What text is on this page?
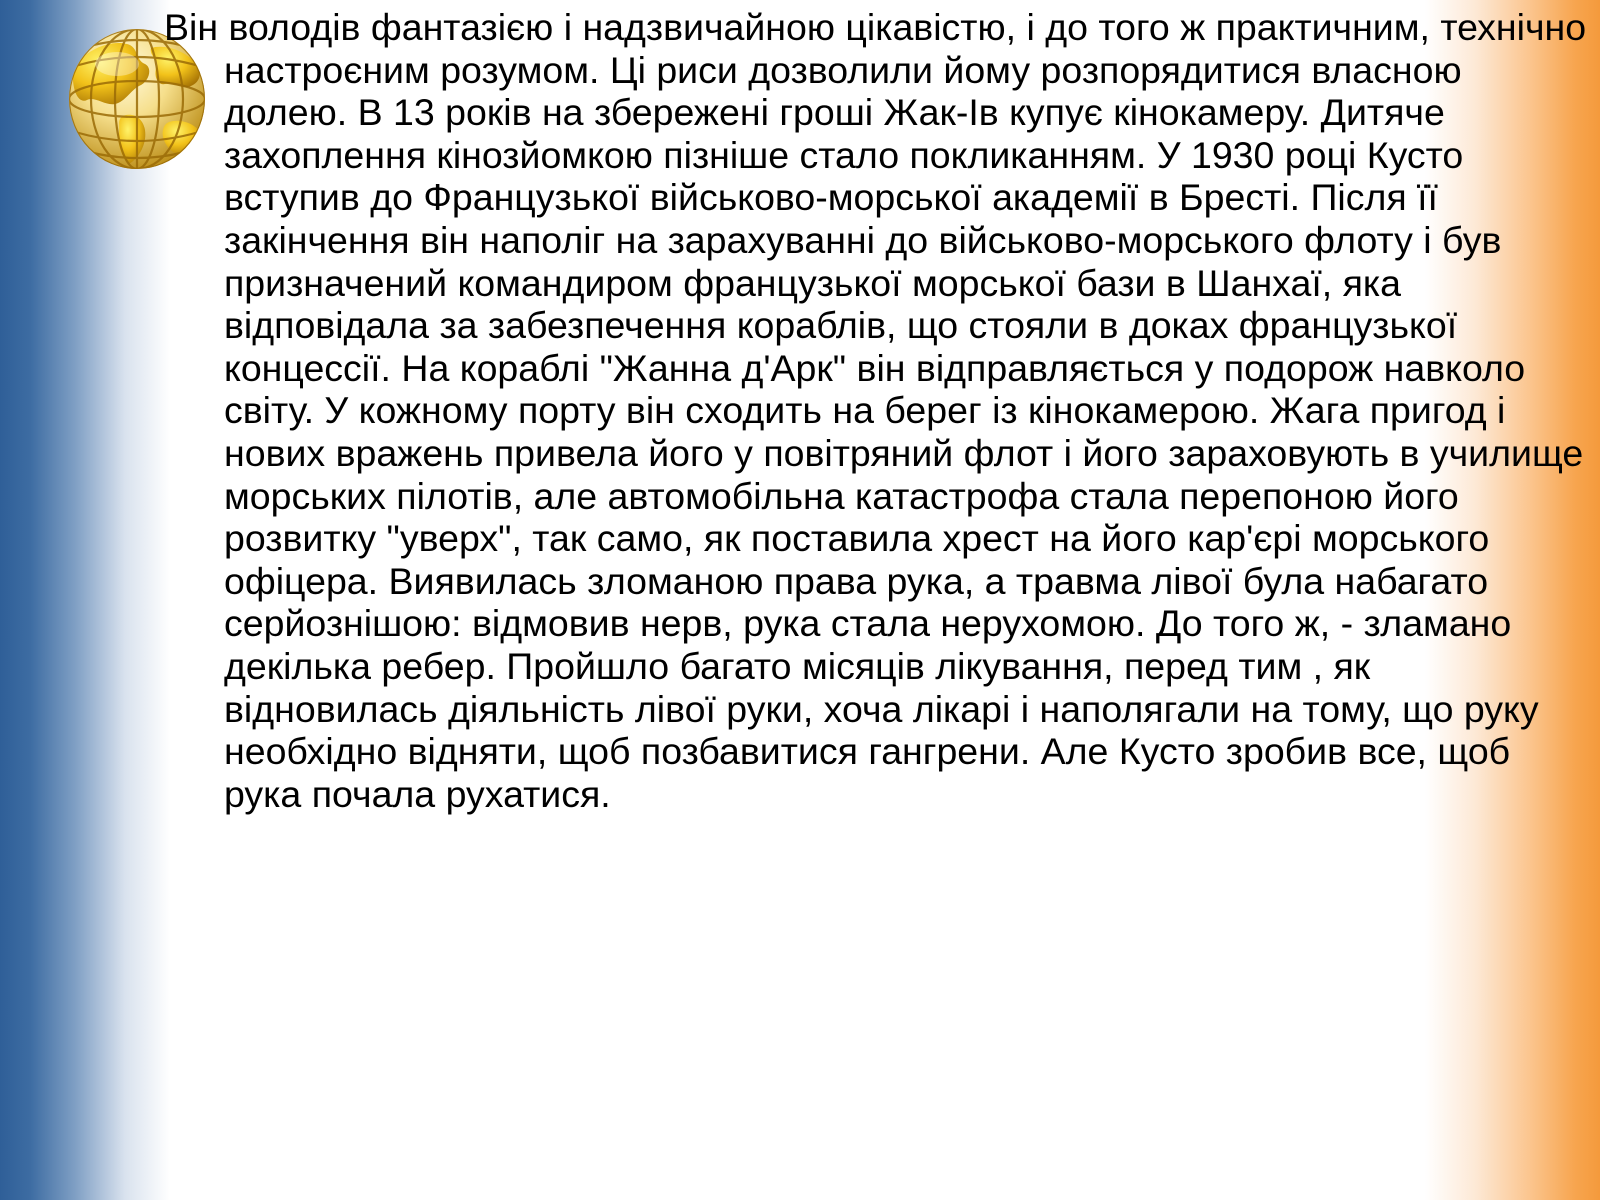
Він володів фантазією і надзвичайною цікавістю, і до того ж практичним, технічно настроєним розумом. Ці риси дозволили йому розпорядитися власною долею. В 13 років на збережені гроші Жак-Ів купує кінокамеру. Дитяче захоплення кінозйомкою пізніше стало покликанням. У 1930 році Кусто вступив до Французької військово-морської академії в Бресті. Після її закінчення він наполіг на зарахуванні до військово-морського флоту і був призначений командиром французької морської бази в Шанхаї, яка відповідала за забезпечення кораблів, що стояли в доках французької концессії. На кораблі "Жанна д'Арк" він відправляється у подорож навколо світу. У кожному порту він сходить на берег із кінокамерою. Жага пригод і нових вражень привела його у повітряний флот і його зараховують в училище морських пілотів, але автомобільна катастрофа стала перепоною його розвитку "уверх", так само, як поставила хрест на його кар'єрі морського офіцера. Виявилась зломаною права рука, а травма лівої була набагато серйознішою: відмовив нерв, рука стала нерухомою. До того ж, - зламано декілька ребер. Пройшло багато місяців лікування, перед тим , як відновилась діяльність лівої руки, хоча лікарі і наполягали на тому, що руку необхідно відняти, щоб позбавитися гангрени. Але Кусто зробив все, щоб рука почала рухатися.
